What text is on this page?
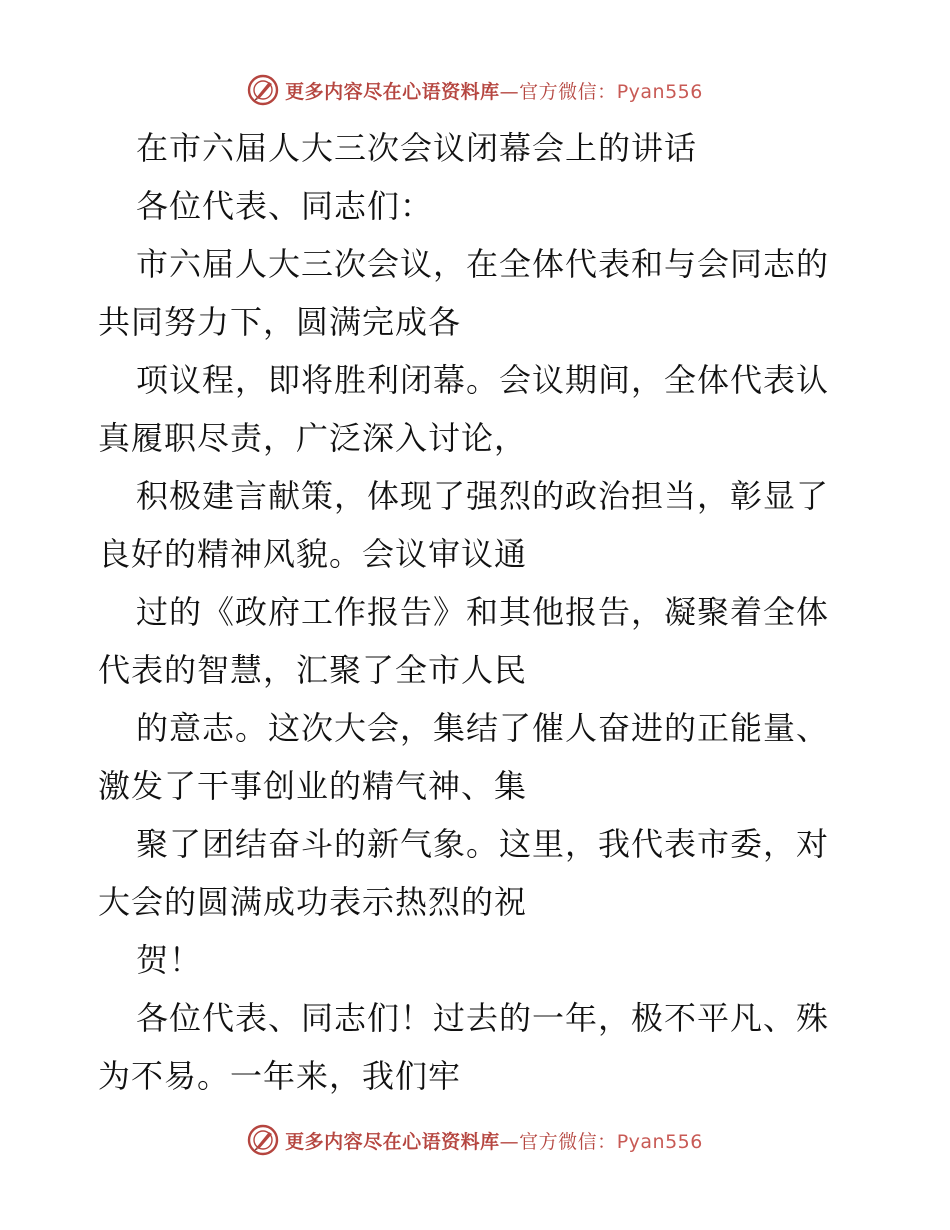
更多内容尽在心语资料库—官方微信：Pyan556
在市六届人大三次会议闭幕会上的讲话
各位代表、同志们：
市六届人大三次会议，在全体代表和与会同志的
共同努力下，圆满完成各
项议程，即将胜利闭幕。会议期间，全体代表认
真履职尽责，广泛深入讨论，
积极建言献策，体现了强烈的政治担当，彰显了
良好的精神风貌。会议审议通
过的《政府工作报告》和其他报告，凝聚着全体
代表的智慧，汇聚了全市人民
的意志。这次大会，集结了催人奋进的正能量、
激发了干事创业的精气神、集
聚了团结奋斗的新气象。这里，我代表市委，对
大会的圆满成功表示热烈的祝
贺！
各位代表、同志们！过去的一年，极不平凡、殊
为不易。一年来，我们牢
更多内容尽在心语资料库—官方微信：Pyan556
